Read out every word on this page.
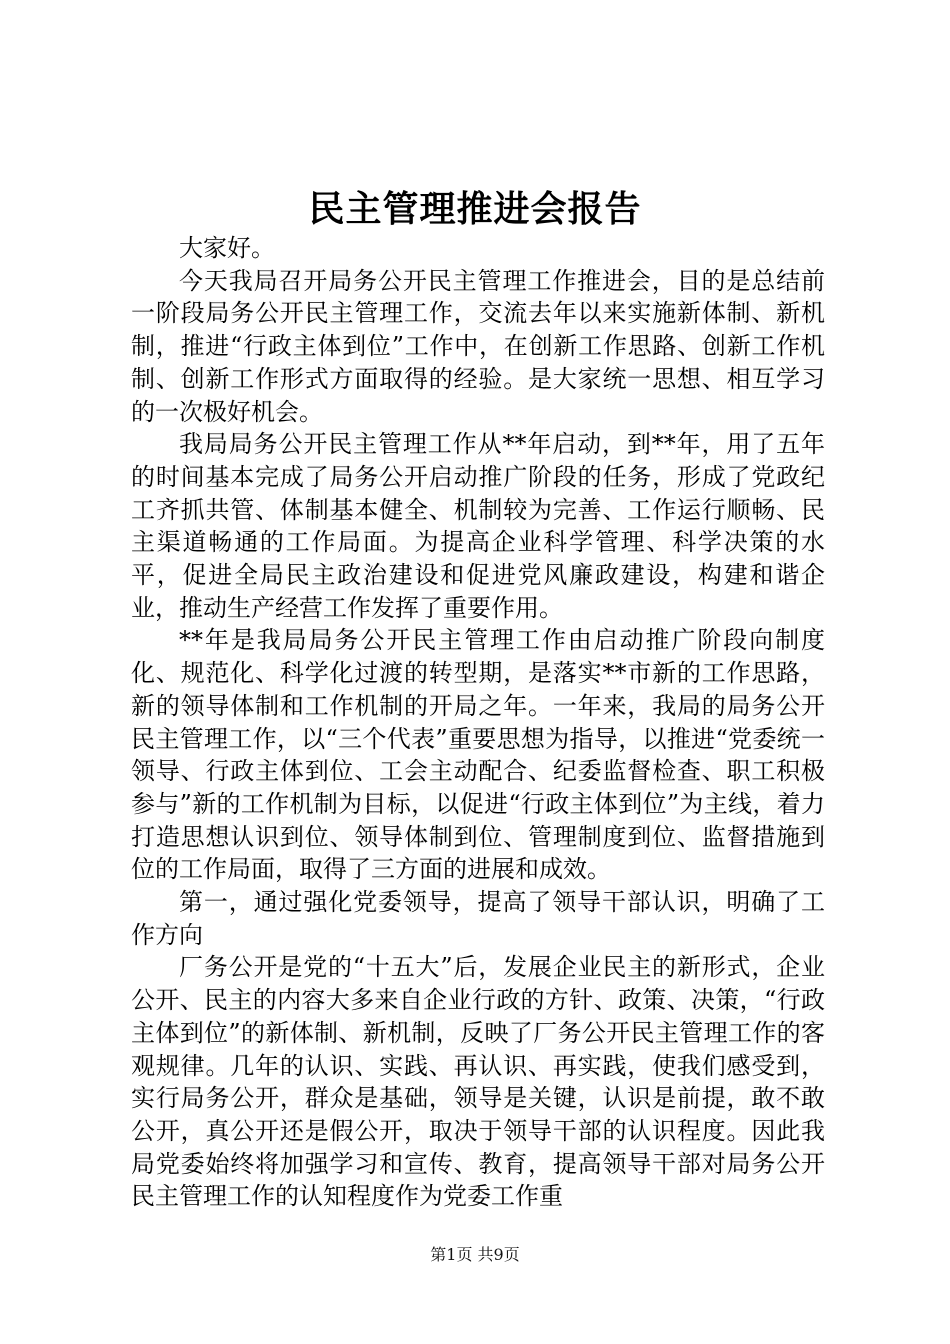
民主管理推进会报告

大家好。

今天我局召开局务公开民主管理工作推进会，目的是总结前一阶段局务公开民主管理工作，交流去年以来实施新体制、新机制，推进“行政主体到位”工作中，在创新工作思路、创新工作机制、创新工作形式方面取得的经验。是大家统一思想、相互学习的一次极好机会。

我局局务公开民主管理工作从**年启动，到**年，用了五年的时间基本完成了局务公开启动推广阶段的任务，形成了党政纪工齐抓共管、体制基本健全、机制较为完善、工作运行顺畅、民主渠道畅通的工作局面。为提高企业科学管理、科学决策的水平，促进全局民主政治建设和促进党风廉政建设，构建和谐企业，推动生产经营工作发挥了重要作用。

**年是我局局务公开民主管理工作由启动推广阶段向制度化、规范化、科学化过渡的转型期，是落实**市新的工作思路，新的领导体制和工作机制的开局之年。一年来，我局的局务公开民主管理工作，以“三个代表”重要思想为指导，以推进“党委统一领导、行政主体到位、工会主动配合、纪委监督检查、职工积极参与”新的工作机制为目标，以促进“行政主体到位”为主线，着力打造思想认识到位、领导体制到位、管理制度到位、监督措施到位的工作局面，取得了三方面的进展和成效。

第一，通过强化党委领导，提高了领导干部认识，明确了工作方向

厂务公开是党的“十五大”后，发展企业民主的新形式，企业公开、民主的内容大多来自企业行政的方针、政策、决策，“行政主体到位”的新体制、新机制，反映了厂务公开民主管理工作的客观规律。几年的认识、实践、再认识、再实践，使我们感受到，实行局务公开，群众是基础，领导是关键，认识是前提，敢不敢公开，真公开还是假公开，取决于领导干部的认识程度。因此我局党委始终将加强学习和宣传、教育，提高领导干部对局务公开民主管理工作的认知程度作为党委工作重

第1页 共9页
